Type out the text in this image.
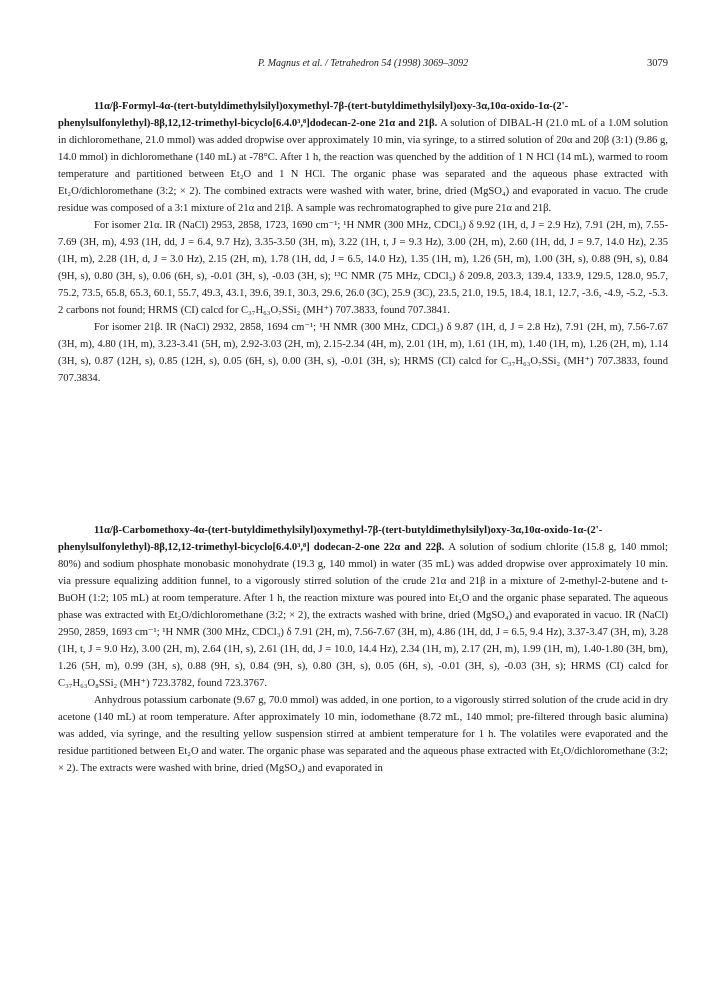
P. Magnus et al. / Tetrahedron 54 (1998) 3069–3092	3079

11α/β-Formyl-4α-(tert-butyldimethylsilyl)oxymethyl-7β-(tert-butyldimethylsilyl)oxy-3α,10α-oxido-1α-(2'-phenylsulfonylethyl)-8β,12,12-trimethyl-bicyclo[6.4.0³,⁸]dodecan-2-one 21α and 21β. A solution of DIBAL-H (21.0 mL of a 1.0M solution in dichloromethane, 21.0 mmol) was added dropwise over approximately 10 min, via syringe, to a stirred solution of 20α and 20β (3:1) (9.86 g, 14.0 mmol) in dichloromethane (140 mL) at -78°C. After 1 h, the reaction was quenched by the addition of 1 N HCl (14 mL), warmed to room temperature and partitioned between Et₂O and 1 N HCl. The organic phase was separated and the aqueous phase extracted with Et₂O/dichloromethane (3:2; × 2). The combined extracts were washed with water, brine, dried (MgSO₄) and evaporated in vacuo. The crude residue was composed of a 3:1 mixture of 21α and 21β. A sample was rechromatographed to give pure 21α and 21β.

For isomer 21α. IR (NaCl) 2953, 2858, 1723, 1690 cm⁻¹; ¹H NMR (300 MHz, CDCl₃) δ 9.92 (1H, d, J = 2.9 Hz), 7.91 (2H, m), 7.55-7.69 (3H, m), 4.93 (1H, dd, J = 6.4, 9.7 Hz), 3.35-3.50 (3H, m), 3.22 (1H, t, J = 9.3 Hz), 3.00 (2H, m), 2.60 (1H, dd, J = 9.7, 14.0 Hz), 2.35 (1H, m), 2.28 (1H, d, J = 3.0 Hz), 2.15 (2H, m), 1.78 (1H, dd, J = 6.5, 14.0 Hz), 1.35 (1H, m), 1.26 (5H, m), 1.00 (3H, s), 0.88 (9H, s), 0.84 (9H, s), 0.80 (3H, s), 0.06 (6H, s), -0.01 (3H, s), -0.03 (3H, s); ¹³C NMR (75 MHz, CDCl₃) δ 209.8, 203.3, 139.4, 133.9, 129.5, 128.0, 95.7, 75.2, 73.5, 65.8, 65.3, 60.1, 55.7, 49.3, 43.1, 39.6, 39.1, 30.3, 29.6, 26.0 (3C), 25.9 (3C), 23.5, 21.0, 19.5, 18.4, 18.1, 12.7, -3.6, -4.9, -5.2, -5.3. 2 carbons not found; HRMS (CI) calcd for C₃₇H₆₃O₇SSi₂ (MH⁺) 707.3833, found 707.3841.

For isomer 21β. IR (NaCl) 2932, 2858, 1694 cm⁻¹; ¹H NMR (300 MHz, CDCl₃) δ 9.87 (1H, d, J = 2.8 Hz), 7.91 (2H, m), 7.56-7.67 (3H, m), 4.80 (1H, m), 3.23-3.41 (5H, m), 2.92-3.03 (2H, m), 2.15-2.34 (4H, m), 2.01 (1H, m), 1.61 (1H, m), 1.40 (1H, m), 1.26 (2H, m), 1.14 (3H, s), 0.87 (12H, s), 0.85 (12H, s), 0.05 (6H, s), 0.00 (3H, s), -0.01 (3H, s); HRMS (CI) calcd for C₃₇H₆₃O₇SSi₂ (MH⁺) 707.3833, found 707.3834.

11α/β-Carbomethoxy-4α-(tert-butyldimethylsilyl)oxymethyl-7β-(tert-butyldimethylsilyl)oxy-3α,10α-oxido-1α-(2'-phenylsulfonylethyl)-8β,12,12-trimethyl-bicyclo[6.4.0³,⁸] dodecan-2-one 22α and 22β. A solution of sodium chlorite (15.8 g, 140 mmol; 80%) and sodium phosphate monobasic monohydrate (19.3 g, 140 mmol) in water (35 mL) was added dropwise over approximately 10 min. via pressure equalizing addition funnel, to a vigorously stirred solution of the crude 21α and 21β in a mixture of 2-methyl-2-butene and t-BuOH (1:2; 105 mL) at room temperature. After 1 h, the reaction mixture was poured into Et₂O and the organic phase separated. The aqueous phase was extracted with Et₂O/dichloromethane (3:2; × 2), the extracts washed with brine, dried (MgSO₄) and evaporated in vacuo. IR (NaCl) 2950, 2859, 1693 cm⁻¹; ¹H NMR (300 MHz, CDCl₃) δ 7.91 (2H, m), 7.56-7.67 (3H, m), 4.86 (1H, dd, J = 6.5, 9.4 Hz), 3.37-3.47 (3H, m), 3.28 (1H, t, J = 9.0 Hz), 3.00 (2H, m), 2.64 (1H, s), 2.61 (1H, dd, J = 10.0, 14.4 Hz), 2.34 (1H, m), 2.17 (2H, m), 1.99 (1H, m), 1.40-1.80 (3H, bm), 1.26 (5H, m), 0.99 (3H, s), 0.88 (9H, s), 0.84 (9H, s), 0.80 (3H, s), 0.05 (6H, s), -0.01 (3H, s), -0.03 (3H, s); HRMS (CI) calcd for C₃₇H₆₃O₈SSi₂ (MH⁺) 723.3782, found 723.3767.

Anhydrous potassium carbonate (9.67 g, 70.0 mmol) was added, in one portion, to a vigorously stirred solution of the crude acid in dry acetone (140 mL) at room temperature. After approximately 10 min, iodomethane (8.72 mL, 140 mmol; pre-filtered through basic alumina) was added, via syringe, and the resulting yellow suspension stirred at ambient temperature for 1 h. The volatiles were evaporated and the residue partitioned between Et₂O and water. The organic phase was separated and the aqueous phase extracted with Et₂O/dichloromethane (3:2; × 2). The extracts were washed with brine, dried (MgSO₄) and evaporated in
